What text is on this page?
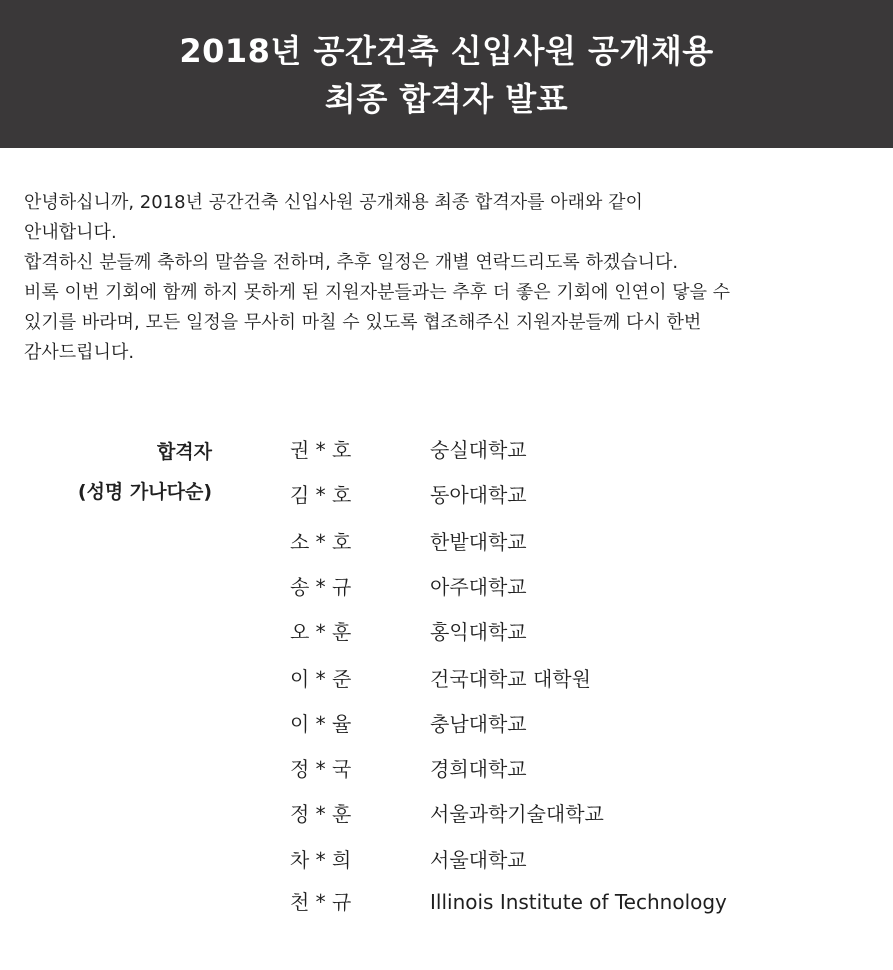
2018년 공간건축 신입사원 공개채용
최종 합격자 발표

안녕하십니까, 2018년 공간건축 신입사원 공개채용 최종 합격자를 아래와 같이

안내합니다.

합격하신 분들께 축하의 말씀을 전하며, 추후 일정은 개별 연락드리도록 하겠습니다.

비록 이번 기회에 함께 하지 못하게 된 지원자분들과는 추후 더 좋은 기회에 인연이 닿을 수

있기를 바라며, 모든 일정을 무사히 마칠 수 있도록 협조해주신 지원자분들께 다시 한번

감사드립니다.

합격자
(성명 가나다순)
권 * 호	숭실대학교
김 * 호	동아대학교
소 * 호	한밭대학교
송 * 규	아주대학교
오 * 훈	홍익대학교
이 * 준	건국대학교 대학원
이 * 율	충남대학교
정 * 국	경희대학교
정 * 훈	서울과학기술대학교
차 * 희	서울대학교
천 * 규	Illinois Institute of Technology
